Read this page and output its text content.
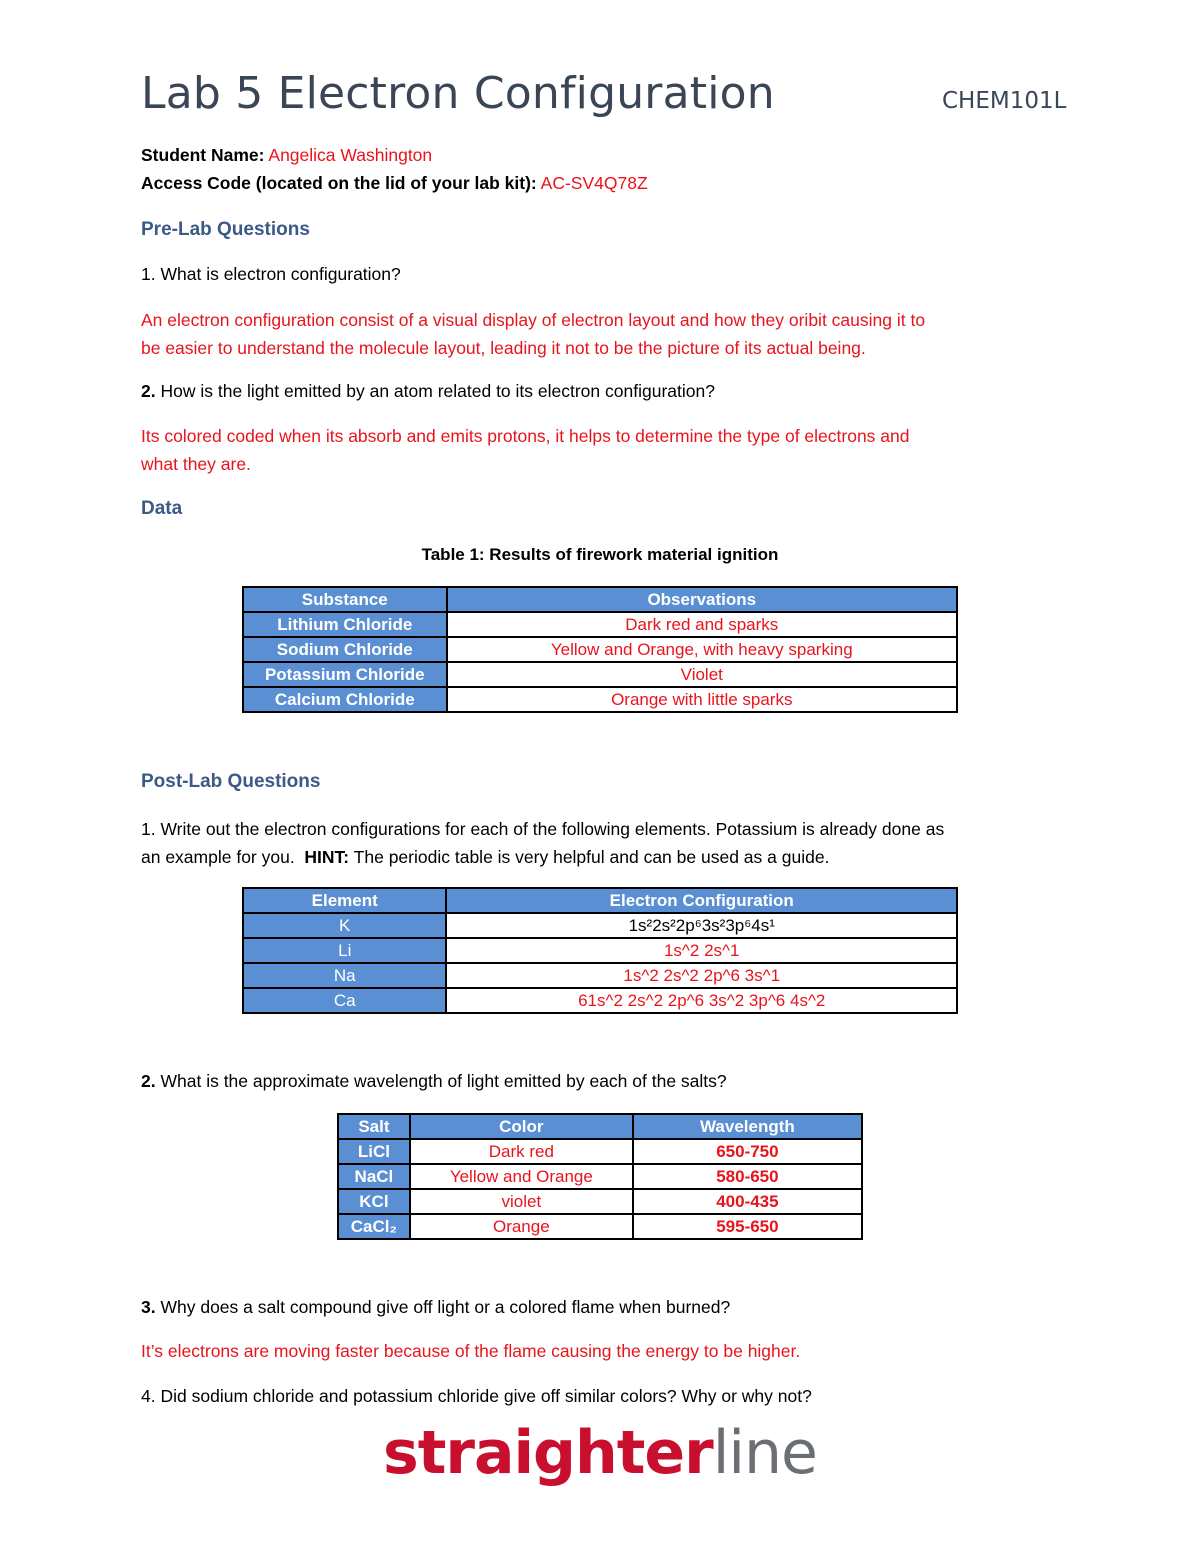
Lab 5 Electron Configuration	CHEM101L
Student Name: Angelica Washington
Access Code (located on the lid of your lab kit): AC-SV4Q78Z
Pre-Lab Questions
1. What is electron configuration?
An electron configuration consist of a visual display of electron layout and how they oribit causing it to
be easier to understand the molecule layout, leading it not to be the picture of its actual being.
2. How is the light emitted by an atom related to its electron configuration?
Its colored coded when its absorb and emits protons, it helps to determine the type of electrons and
what they are.
Data
Table 1: Results of firework material ignition
Substance	Observations
Lithium Chloride	Dark red and sparks
Sodium Chloride	Yellow and Orange, with heavy sparking
Potassium Chloride	Violet
Calcium Chloride	Orange with little sparks
Post-Lab Questions
1. Write out the electron configurations for each of the following elements. Potassium is already done as
an example for you.  HINT: The periodic table is very helpful and can be used as a guide.
Element	Electron Configuration
K	1s²2s²2p⁶3s²3p⁶4s¹
Li	1s^2 2s^1
Na	1s^2 2s^2 2p^6 3s^1
Ca	61s^2 2s^2 2p^6 3s^2 3p^6 4s^2
2. What is the approximate wavelength of light emitted by each of the salts?
Salt	Color	Wavelength
LiCl	Dark red	650-750
NaCl	Yellow and Orange	580-650
KCl	violet	400-435
CaCl₂	Orange	595-650
3. Why does a salt compound give off light or a colored flame when burned?
It’s electrons are moving faster because of the flame causing the energy to be higher.
4. Did sodium chloride and potassium chloride give off similar colors? Why or why not?
straighterline
